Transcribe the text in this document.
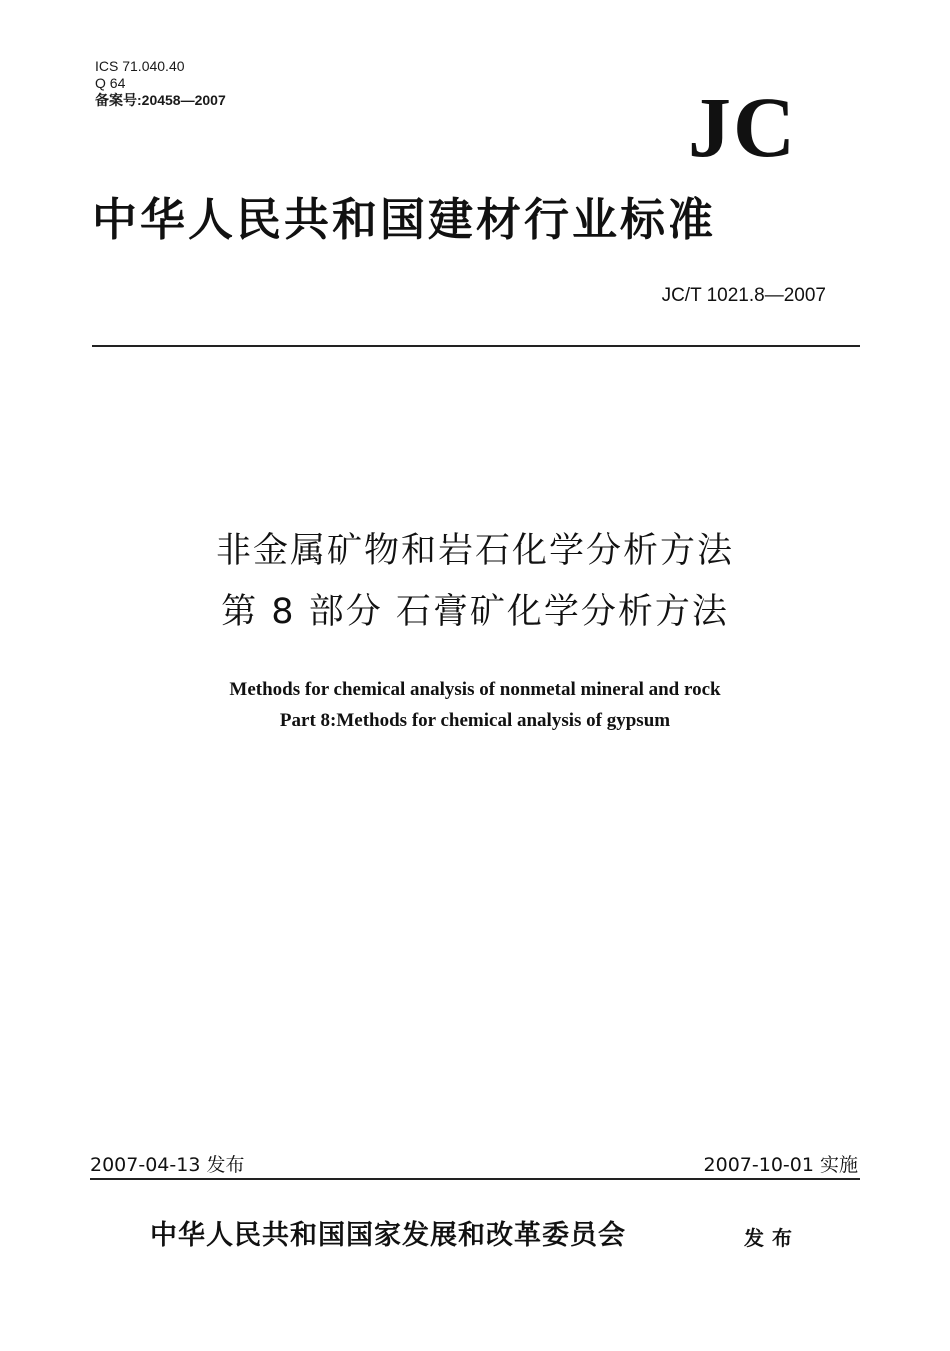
ICS 71.040.40
Q 64
备案号:20458—2007	JC
中华人民共和国建材行业标准
JC/T 1021.8—2007
非金属矿物和岩石化学分析方法
第 8 部分 石膏矿化学分析方法
Methods for chemical analysis of nonmetal mineral and rock
Part 8:Methods for chemical analysis of gypsum
2007-04-13 发布	2007-10-01 实施
中华人民共和国国家发展和改革委员会	发布
